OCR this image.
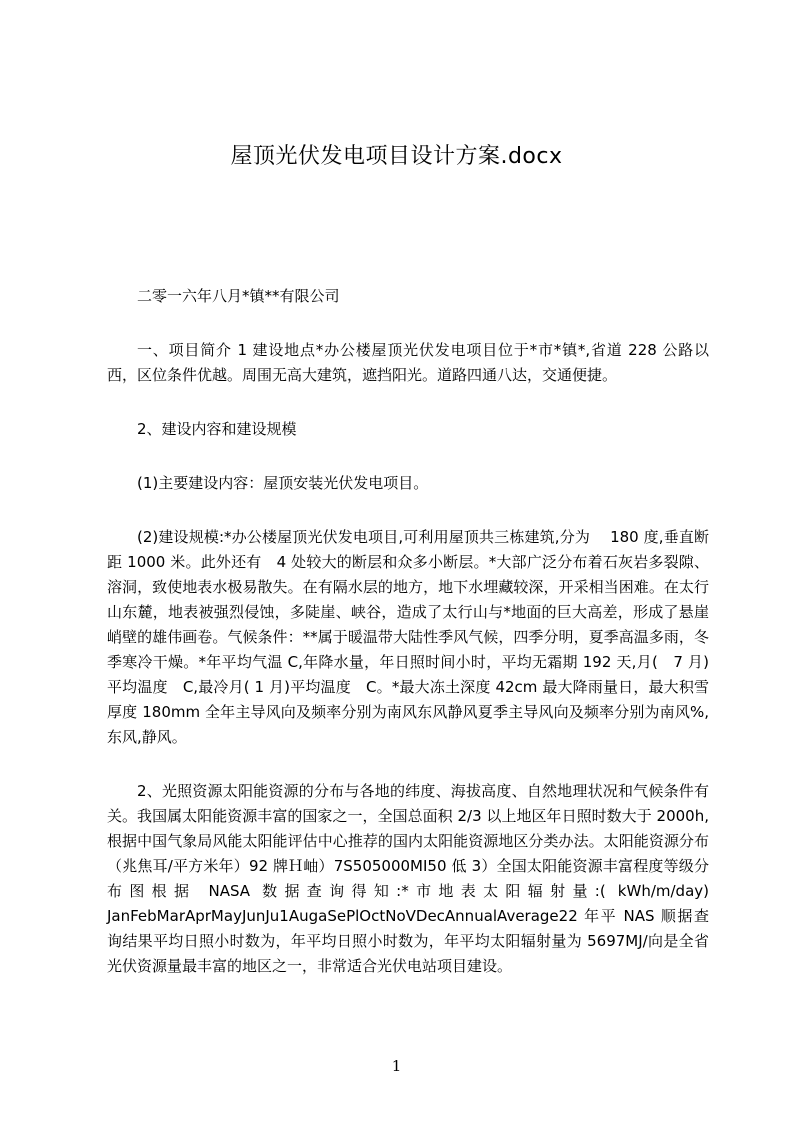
屋顶光伏发电项目设计方案.docx

二零一六年八月*镇**有限公司

一、项目简介 1 建设地点*办公楼屋顶光伏发电项目位于*市*镇*,省道 228 公路以西，区位条件优越。周围无高大建筑，遮挡阳光。道路四通八达，交通便捷。

2、建设内容和建设规模

(1)主要建设内容：屋顶安装光伏发电项目。

(2)建设规模:*办公楼屋顶光伏发电项目,可利用屋顶共三栋建筑,分为　 180 度,垂直断距 1000 米。此外还有　4 处较大的断层和众多小断层。*大部广泛分布着石灰岩多裂隙、溶洞，致使地表水极易散失。在有隔水层的地方，地下水埋藏较深，开采相当困难。在太行山东麓，地表被强烈侵蚀，多陡崖、峡谷，造成了太行山与*地面的巨大高差，形成了悬崖峭壁的雄伟画卷。气候条件：**属于暖温带大陆性季风气候，四季分明，夏季高温多雨，冬季寒冷干燥。*年平均气温 C,年降水量，年日照时间小时，平均无霜期 192 天,月(　7 月)平均温度　C,最冷月( 1 月)平均温度　C。*最大冻土深度 42cm 最大降雨量日，最大积雪厚度 180mm 全年主导风向及频率分别为南风东风静风夏季主导风向及频率分别为南风%,东风,静风。

2、光照资源太阳能资源的分布与各地的纬度、海拔高度、自然地理状况和气候条件有关。我国属太阳能资源丰富的国家之一，全国总面积 2/3 以上地区年日照时数大于 2000h,根据中国气象局风能太阳能评估中心推荐的国内太阳能资源地区分类办法。太阳能资源分布（兆焦耳/平方米年）92 牌Ｈ岫）7S505000MI50 低 3）全国太阳能资源丰富程度等级分布图根据 NASA 数据查询得知:*市地表太阳辐射量:( kWh/m/day) JanFebMarAprMayJunJu1AugaSePlOctNoVDecAnnualAverage22 年平 NAS 顺据查询结果平均日照小时数为，年平均日照小时数为，年平均太阳辐射量为 5697MJ/向是全省光伏资源量最丰富的地区之一，非常适合光伏电站项目建设。

1
